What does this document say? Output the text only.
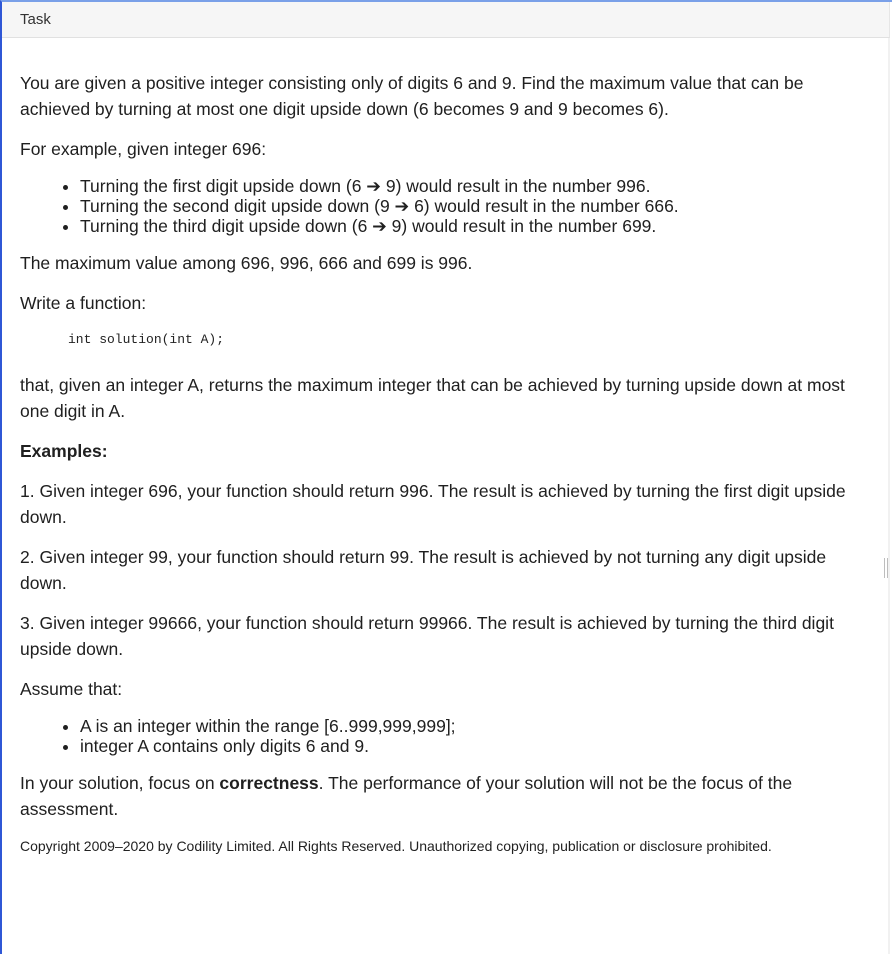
Task

You are given a positive integer consisting only of digits 6 and 9. Find the maximum value that can be achieved by turning at most one digit upside down (6 becomes 9 and 9 becomes 6).

For example, given integer 696:

• Turning the first digit upside down (6 ➔ 9) would result in the number 996.
• Turning the second digit upside down (9 ➔ 6) would result in the number 666.
• Turning the third digit upside down (6 ➔ 9) would result in the number 699.

The maximum value among 696, 996, 666 and 699 is 996.

Write a function:

int solution(int A);

that, given an integer A, returns the maximum integer that can be achieved by turning upside down at most one digit in A.

Examples:

1. Given integer 696, your function should return 996. The result is achieved by turning the first digit upside down.

2. Given integer 99, your function should return 99. The result is achieved by not turning any digit upside down.

3. Given integer 99666, your function should return 99966. The result is achieved by turning the third digit upside down.

Assume that:

• A is an integer within the range [6..999,999,999];
• integer A contains only digits 6 and 9.

In your solution, focus on correctness. The performance of your solution will not be the focus of the assessment.

Copyright 2009–2020 by Codility Limited. All Rights Reserved. Unauthorized copying, publication or disclosure prohibited.
